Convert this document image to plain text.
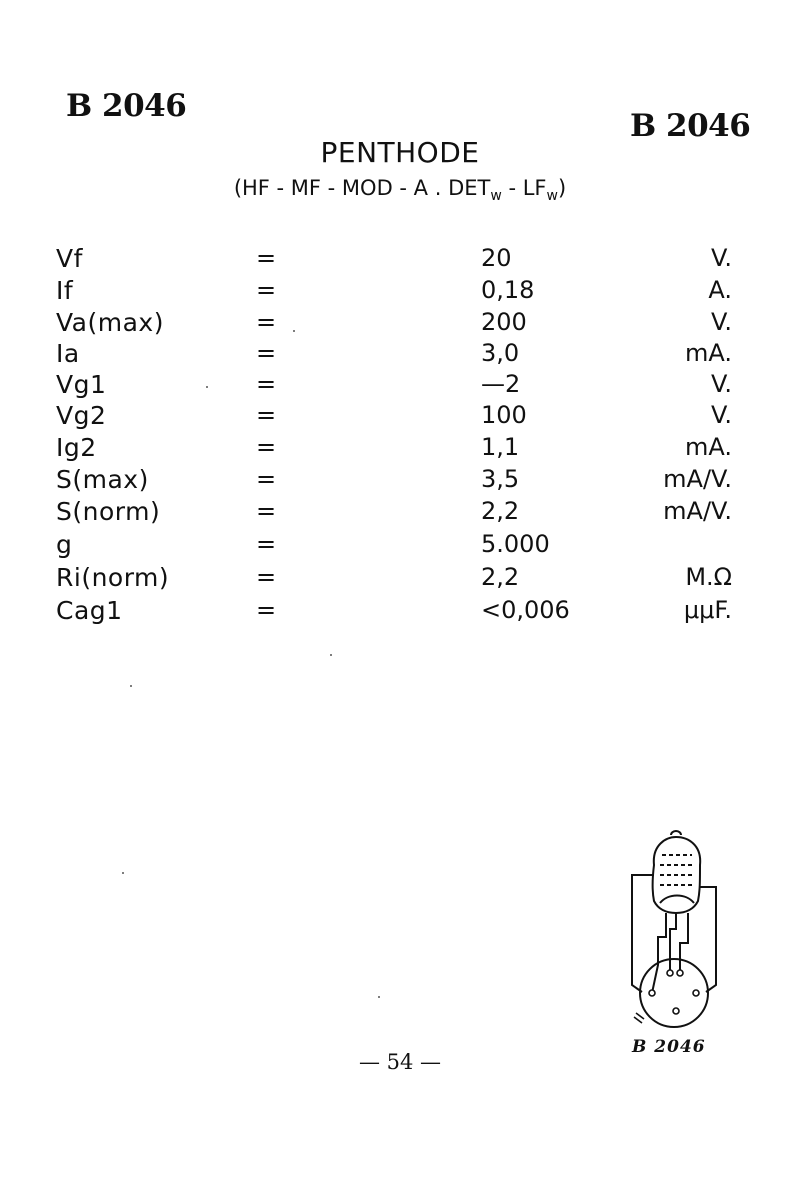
B 2046
B 2046
PENTHODE
(HF - MF - MOD - A . $DET_w - LF_w$)
Vf	=	20	V.
If	=	0,18	A.
Va(max)	=	200	V.
Ia	=	3,0	mA.
Vg1	=	—2	V.
Vg2	=	100	V.
Ig2	=	1,1	mA.
S(max)	=	3,5	mA/V.
S(norm)	=	2,2	mA/V.
g	=	5.000
Ri(norm)	=	2,2	M.Ω
Cag1	=	<0,006	μμF.
B 2046
— 54 —
